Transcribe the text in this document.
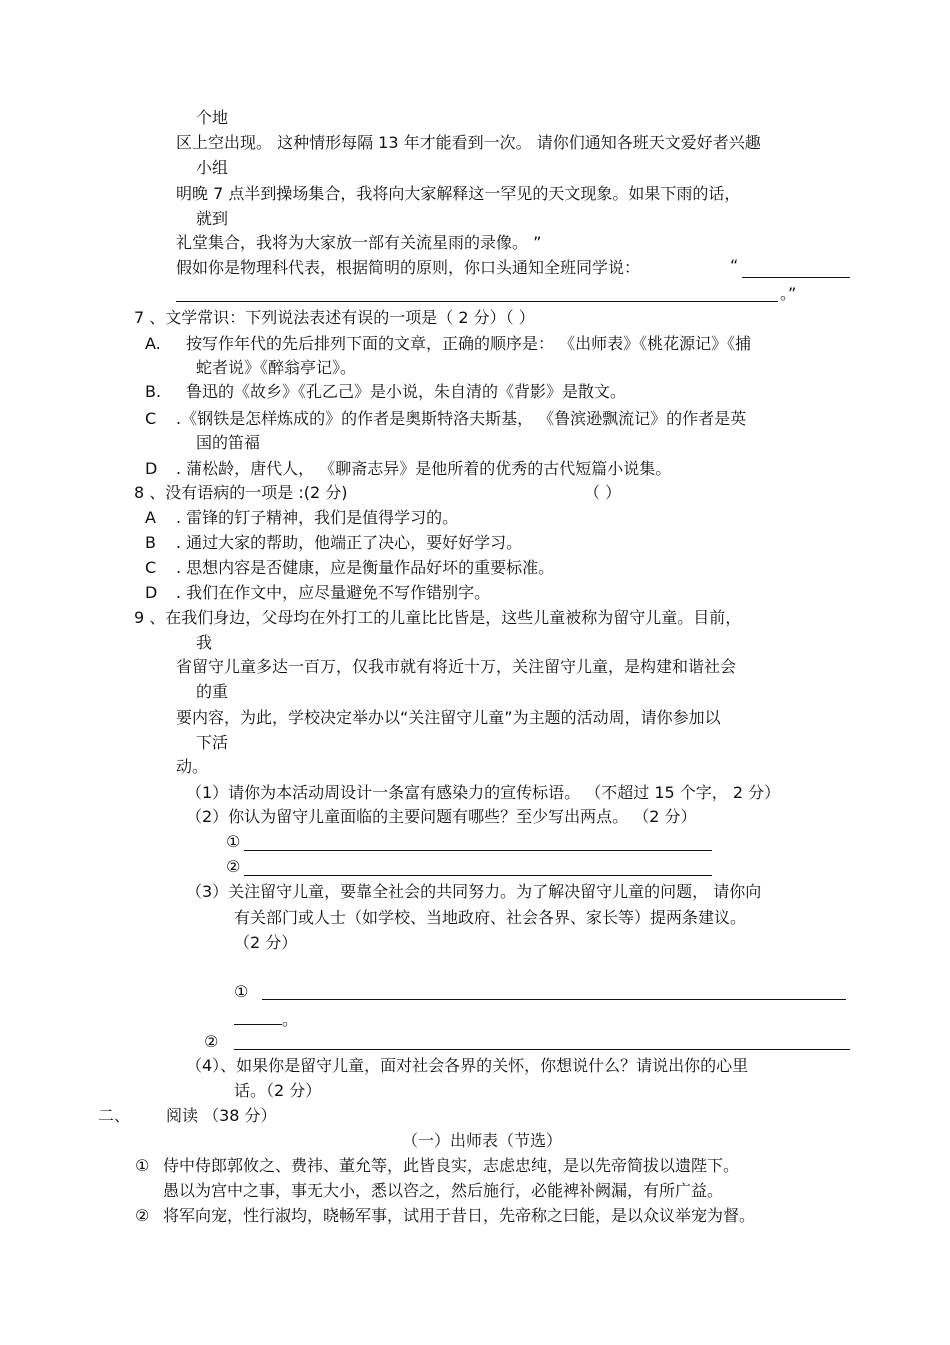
个地
区上空出现。 这种情形每隔 13 年才能看到一次。 请你们通知各班天文爱好者兴趣
小组
明晚 7 点半到操场集合，我将向大家解释这一罕见的天文现象。如果下雨的话，
就到
礼堂集合，我将为大家放一部有关流星雨的录像。 ”
假如你是物理科代表，根据简明的原则，你口头通知全班同学说：	“
。”
7 、文学常识：下列说法表述有误的一项是（ 2 分）（ ）
A. 按写作年代的先后排列下面的文章，正确的顺序是： 《出师表》《桃花源记》《捕
蛇者说》《醉翁亭记》。
B. 鲁迅的《故乡》《孔乙己》是小说，朱自清的《背影》是散文。
C .《钢铁是怎样炼成的》的作者是奥斯特洛夫斯基， 《鲁滨逊飘流记》的作者是英
国的笛福
D . 蒲松龄，唐代人， 《聊斋志异》是他所着的优秀的古代短篇小说集。
8 、没有语病的一项是 :(2 分)	（ ）
A . 雷锋的钉子精神，我们是值得学习的。
B . 通过大家的帮助，他端正了决心，要好好学习。
C . 思想内容是否健康，应是衡量作品好坏的重要标准。
D . 我们在作文中，应尽量避免不写作错别字。
9 、在我们身边，父母均在外打工的儿童比比皆是，这些儿童被称为留守儿童。目前，
我
省留守儿童多达一百万，仅我市就有将近十万，关注留守儿童，是构建和谐社会
的重
要内容，为此，学校决定举办以“关注留守儿童”为主题的活动周，请你参加以
下活
动。
（1）请你为本活动周设计一条富有感染力的宣传标语。 （不超过 15 个字， 2 分）
（2）你认为留守儿童面临的主要问题有哪些？至少写出两点。 （2 分）
①
②
（3）关注留守儿童，要靠全社会的共同努力。为了解决留守儿童的问题， 请你向
有关部门或人士（如学校、当地政府、社会各界、家长等）提两条建议。
（2 分）
①
。
②
（4）、如果你是留守儿童，面对社会各界的关怀，你想说什么？请说出你的心里
话。（2 分）
二、 阅读 （38 分）
（一）出师表（节选）
① 侍中侍郎郭攸之、费祎、董允等，此皆良实，志虑忠纯，是以先帝简拔以遗陛下。
愚以为宫中之事，事无大小，悉以咨之，然后施行，必能裨补阙漏，有所广益。
② 将军向宠，性行淑均，晓畅军事，试用于昔日，先帝称之曰能，是以众议举宠为督。
